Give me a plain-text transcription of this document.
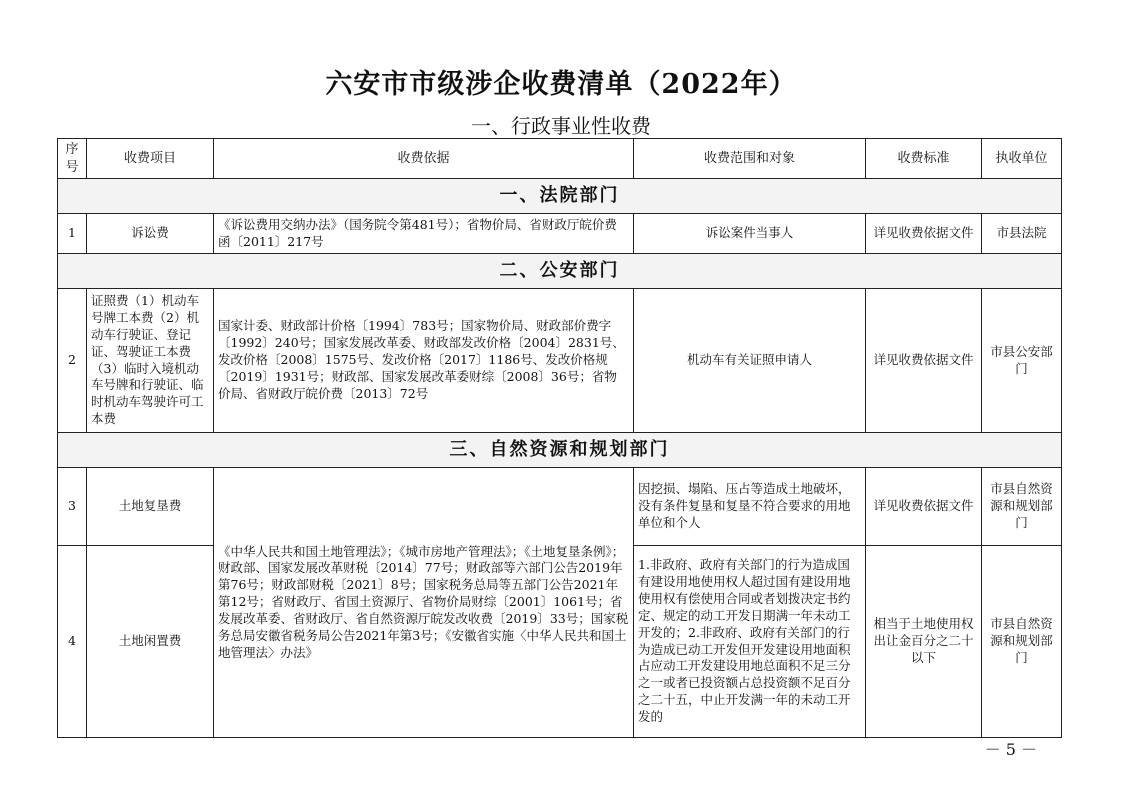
六安市市级涉企收费清单（2022年）
一、行政事业性收费
序号	收费项目	收费依据	收费范围和对象	收费标准	执收单位
一、法院部门					
1	诉讼费	《诉讼费用交纳办法》（国务院令第481号）；省物价局、省财政厅皖价费函〔2011〕217号	诉讼案件当事人	详见收费依据文件	市县法院
二、公安部门					
2	证照费（1）机动车号牌工本费（2）机动车行驶证、登记证、驾驶证工本费（3）临时入境机动车号牌和行驶证、临时机动车驾驶许可工本费	国家计委、财政部计价格〔1994〕783号；国家物价局、财政部价费字〔1992〕240号；国家发展改革委、财政部发改价格〔2004〕2831号、发改价格〔2008〕1575号、发改价格〔2017〕1186号、发改价格规〔2019〕1931号；财政部、国家发展改革委财综〔2008〕36号；省物价局、省财政厅皖价费〔2013〕72号	机动车有关证照申请人	详见收费依据文件	市县公安部门
三、自然资源和规划部门					
3	土地复垦费	《中华人民共和国土地管理法》；《城市房地产管理法》；《土地复垦条例》；财政部、国家发展改革财税〔2014〕77号；财政部等六部门公告2019年第76号；财政部财税〔2021〕8号；国家税务总局等五部门公告2021年第12号；省财政厅、省国土资源厅、省物价局财综〔2001〕1061号；省发展改革委、省财政厅、省自然资源厅皖发改收费〔2019〕33号；国家税务总局安徽省税务局公告2021年第3号；《安徽省实施〈中华人民共和国土地管理法〉办法》	因挖损、塌陷、压占等造成土地破坏，没有条件复垦和复垦不符合要求的用地单位和个人	详见收费依据文件	市县自然资源和规划部门
4	土地闲置费		1.非政府、政府有关部门的行为造成国有建设用地使用权人超过国有建设用地使用权有偿使用合同或者划拨决定书约定、规定的动工开发日期满一年未动工开发的；2.非政府、政府有关部门的行为造成已动工开发但开发建设用地面积占应动工开发建设用地总面积不足三分之一或者已投资额占总投资额不足百分之二十五，中止开发满一年的未动工开发的	相当于土地使用权出让金百分之二十以下	市县自然资源和规划部门
－ 5 －
